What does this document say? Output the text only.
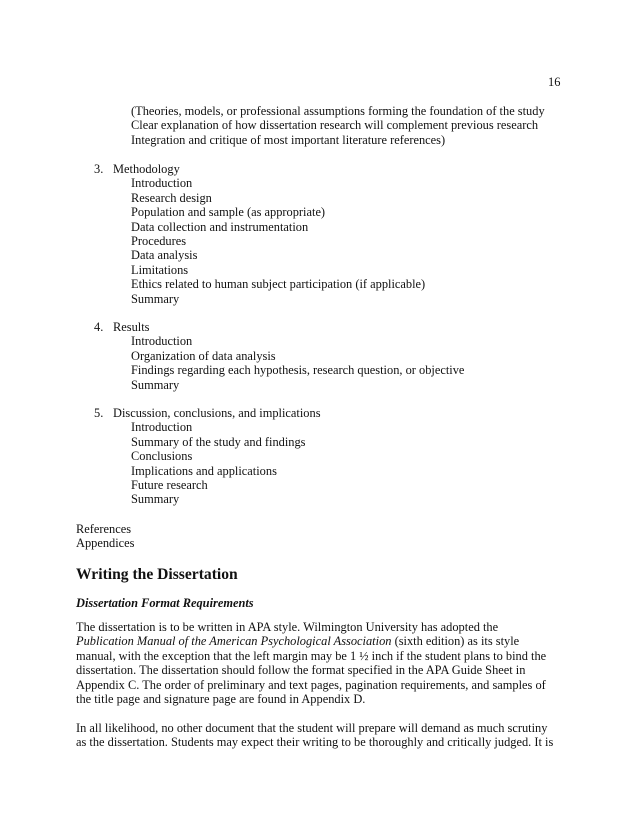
16
(Theories, models, or professional assumptions forming the foundation of the study
Clear explanation of how dissertation research will complement previous research
Integration and critique of most important literature references)
3. Methodology
Introduction
Research design
Population and sample (as appropriate)
Data collection and instrumentation
Procedures
Data analysis
Limitations
Ethics related to human subject participation (if applicable)
Summary
4. Results
Introduction
Organization of data analysis
Findings regarding each hypothesis, research question, or objective
Summary
5. Discussion, conclusions, and implications
Introduction
Summary of the study and findings
Conclusions
Implications and applications
Future research
Summary
References
Appendices
Writing the Dissertation
Dissertation Format Requirements
The dissertation is to be written in APA style. Wilmington University has adopted the
Publication Manual of the American Psychological Association (sixth edition) as its style
manual, with the exception that the left margin may be 1 ½ inch if the student plans to bind the
dissertation. The dissertation should follow the format specified in the APA Guide Sheet in
Appendix C. The order of preliminary and text pages, pagination requirements, and samples of
the title page and signature page are found in Appendix D.
In all likelihood, no other document that the student will prepare will demand as much scrutiny
as the dissertation. Students may expect their writing to be thoroughly and critically judged. It is
